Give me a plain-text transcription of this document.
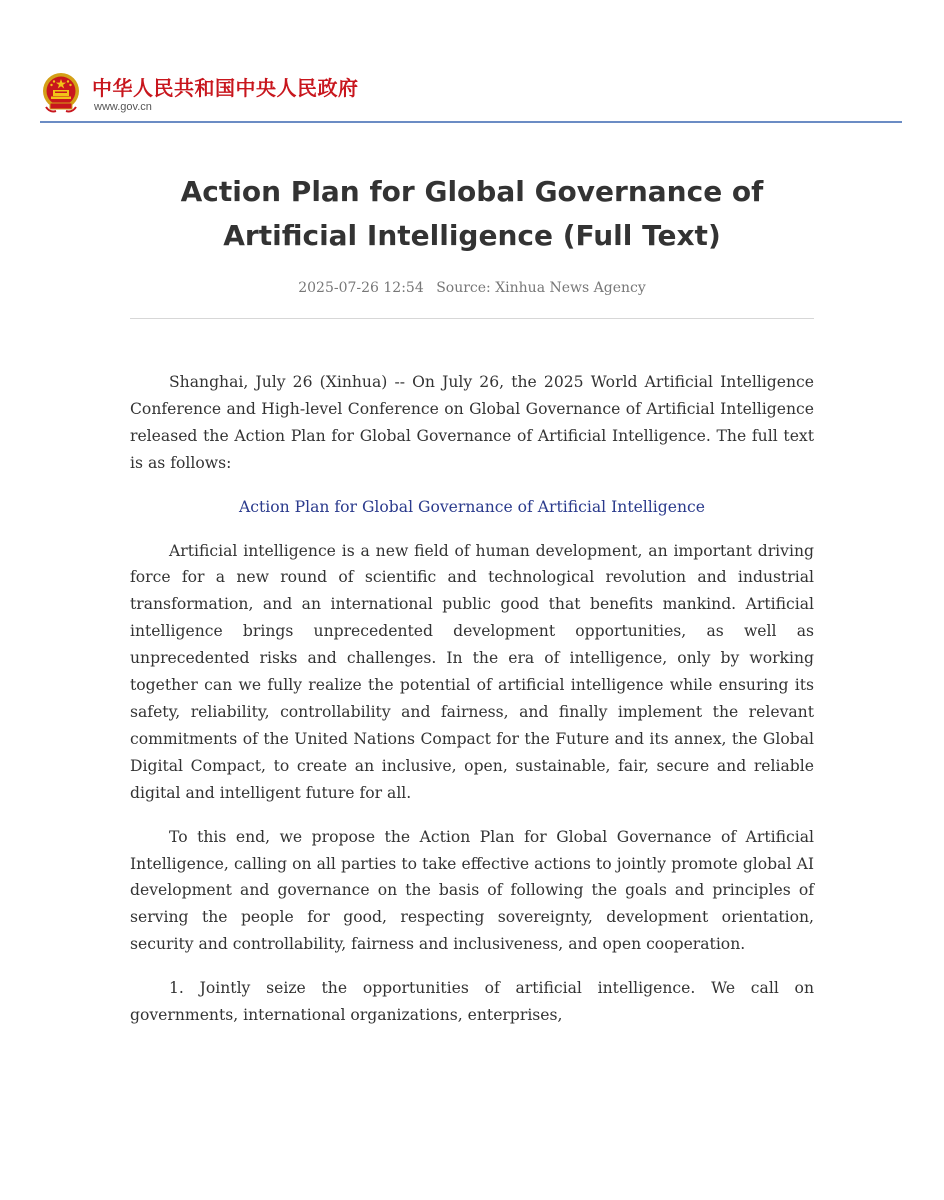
中华人民共和国中央人民政府
www.gov.cn
Action Plan for Global Governance of Artificial Intelligence (Full Text)
2025-07-26 12:54 Source: Xinhua News Agency

Shanghai, July 26 (Xinhua) -- On July 26, the 2025 World Artificial Intelligence Conference and High-level Conference on Global Governance of Artificial Intelligence released the Action Plan for Global Governance of Artificial Intelligence. The full text is as follows:

Action Plan for Global Governance of Artificial Intelligence

Artificial intelligence is a new field of human development, an important driving force for a new round of scientific and technological revolution and industrial transformation, and an international public good that benefits mankind. Artificial intelligence brings unprecedented development opportunities, as well as unprecedented risks and challenges. In the era of intelligence, only by working together can we fully realize the potential of artificial intelligence while ensuring its safety, reliability, controllability and fairness, and finally implement the relevant commitments of the United Nations Compact for the Future and its annex, the Global Digital Compact, to create an inclusive, open, sustainable, fair, secure and reliable digital and intelligent future for all.

To this end, we propose the Action Plan for Global Governance of Artificial Intelligence, calling on all parties to take effective actions to jointly promote global AI development and governance on the basis of following the goals and principles of serving the people for good, respecting sovereignty, development orientation, security and controllability, fairness and inclusiveness, and open cooperation.

1. Jointly seize the opportunities of artificial intelligence. We call on governments, international organizations, enterprises,
